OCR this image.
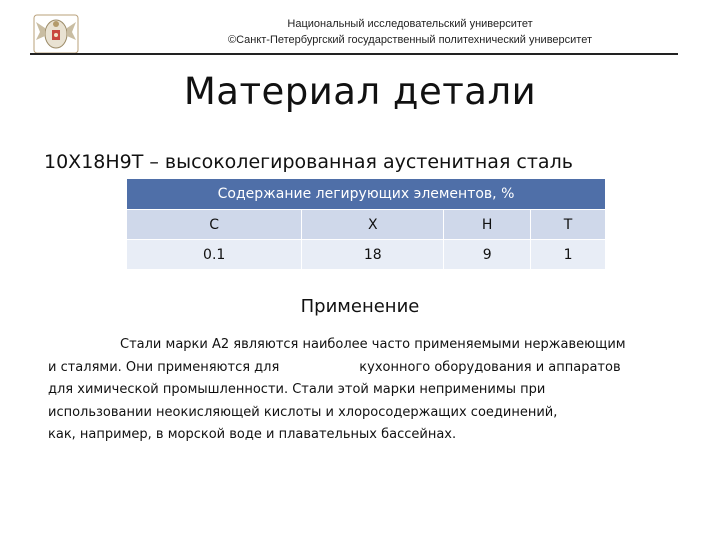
Национальный исследовательский университет
©Санкт-Петербургский государственный политехнический университет
Материал детали
10Х18Н9Т – высоколегированная аустенитная сталь
Содержание легирующих элементов, %			
С	Х	Н	Т
0.1	18	9	1
Применение
Стали марки А2 являются наиболее часто применяемыми нержавеющим
и сталями. Они применяются для	кухонного оборудования и аппаратов
для химической промышленности. Стали этой марки неприменимы при
использовании неокисляющей кислоты и хлоросодержащих соединений,
как, например, в морской воде и плавательных бассейнах.
